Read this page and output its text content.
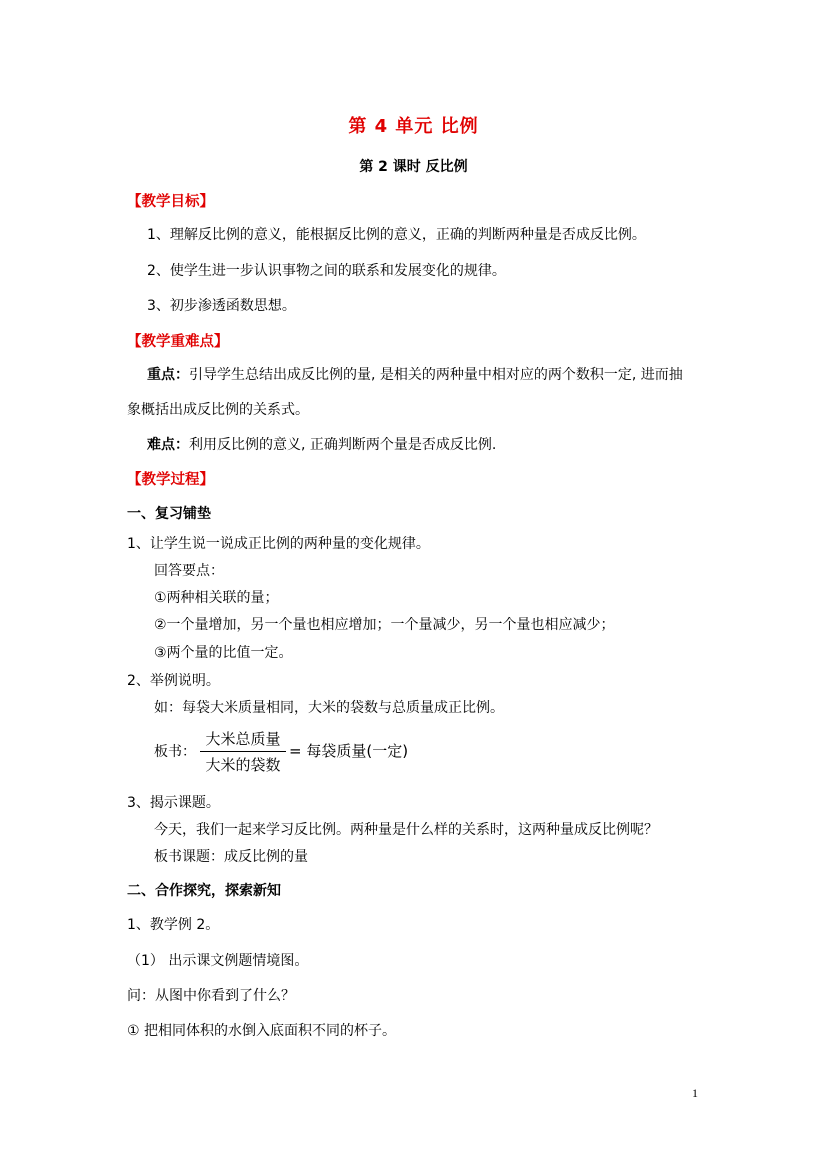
第 4 单元 比例
第 2 课时 反比例
【教学目标】
1、理解反比例的意义，能根据反比例的意义，正确的判断两种量是否成反比例。
2、使学生进一步认识事物之间的联系和发展变化的规律。
3、初步渗透函数思想。
【教学重难点】
重点：引导学生总结出成反比例的量, 是相关的两种量中相对应的两个数积一定, 进而抽
象概括出成反比例的关系式。
难点：利用反比例的意义, 正确判断两个量是否成反比例.
【教学过程】
一、复习铺垫
1、让学生说一说成正比例的两种量的变化规律。
回答要点：
①两种相关联的量；
②一个量增加，另一个量也相应增加；一个量减少，另一个量也相应减少；
③两个量的比值一定。
2、举例说明。
如：每袋大米质量相同，大米的袋数与总质量成正比例。
板书：
大米总质量
大米的袋数
= 每袋质量(一定)
3、揭示课题。
今天，我们一起来学习反比例。两种量是什么样的关系时，这两种量成反比例呢？
板书课题：成反比例的量
二、合作探究，探索新知
1、教学例 2。
（1） 出示课文例题情境图。
问：从图中你看到了什么？
① 把相同体积的水倒入底面积不同的杯子。
1
